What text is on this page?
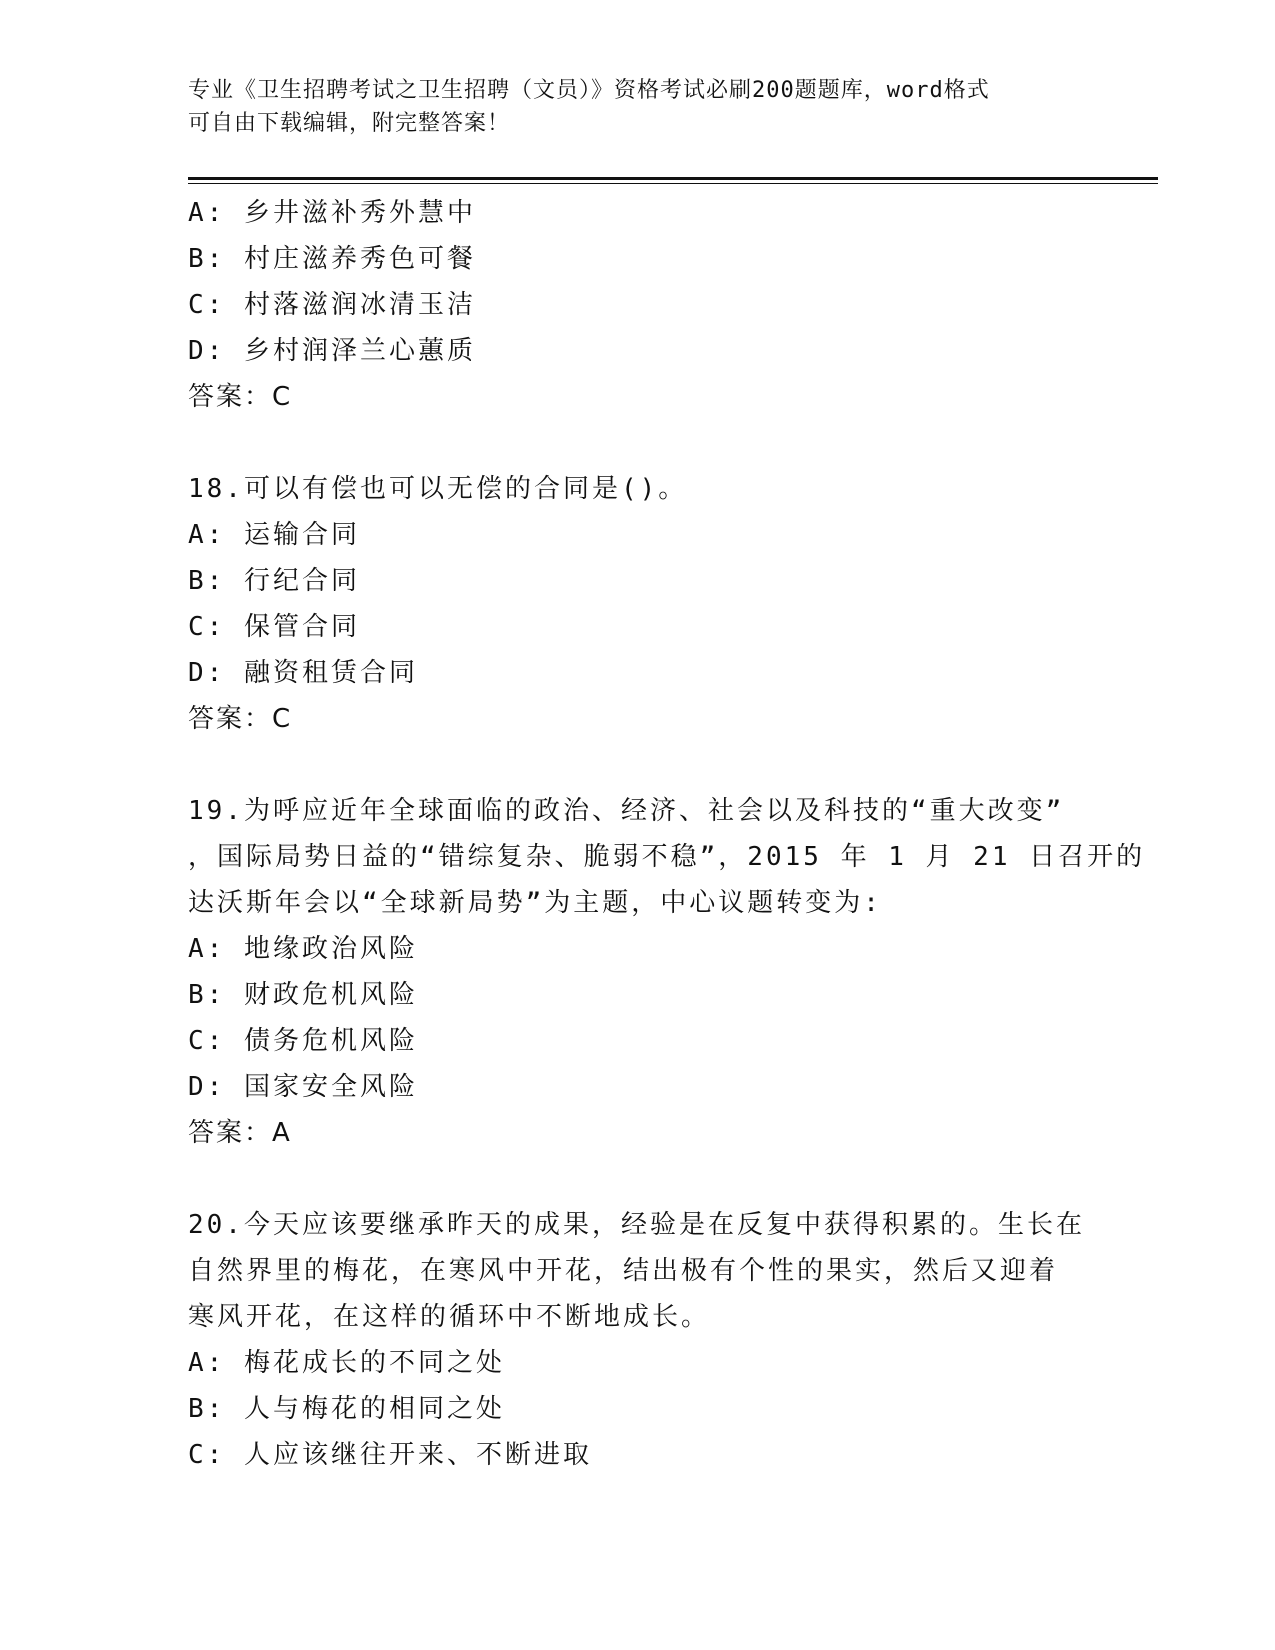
专业《卫生招聘考试之卫生招聘（文员）》资格考试必刷200题题库，word格式
可自由下载编辑，附完整答案！
A: 乡井滋补秀外慧中
B: 村庄滋养秀色可餐
C: 村落滋润冰清玉洁
D: 乡村润泽兰心蕙质
答案：C
18.可以有偿也可以无偿的合同是()。
A: 运输合同
B: 行纪合同
C: 保管合同
D: 融资租赁合同
答案：C
19.为呼应近年全球面临的政治、经济、社会以及科技的“重大改变”
，国际局势日益的“错综复杂、脆弱不稳”，2015 年 1 月 21 日召开的
达沃斯年会以“全球新局势”为主题，中心议题转变为:
A: 地缘政治风险
B: 财政危机风险
C: 债务危机风险
D: 国家安全风险
答案：A
20.今天应该要继承昨天的成果，经验是在反复中获得积累的。生长在
自然界里的梅花，在寒风中开花，结出极有个性的果实，然后又迎着
寒风开花，在这样的循环中不断地成长。
A: 梅花成长的不同之处
B: 人与梅花的相同之处
C: 人应该继往开来、不断进取
